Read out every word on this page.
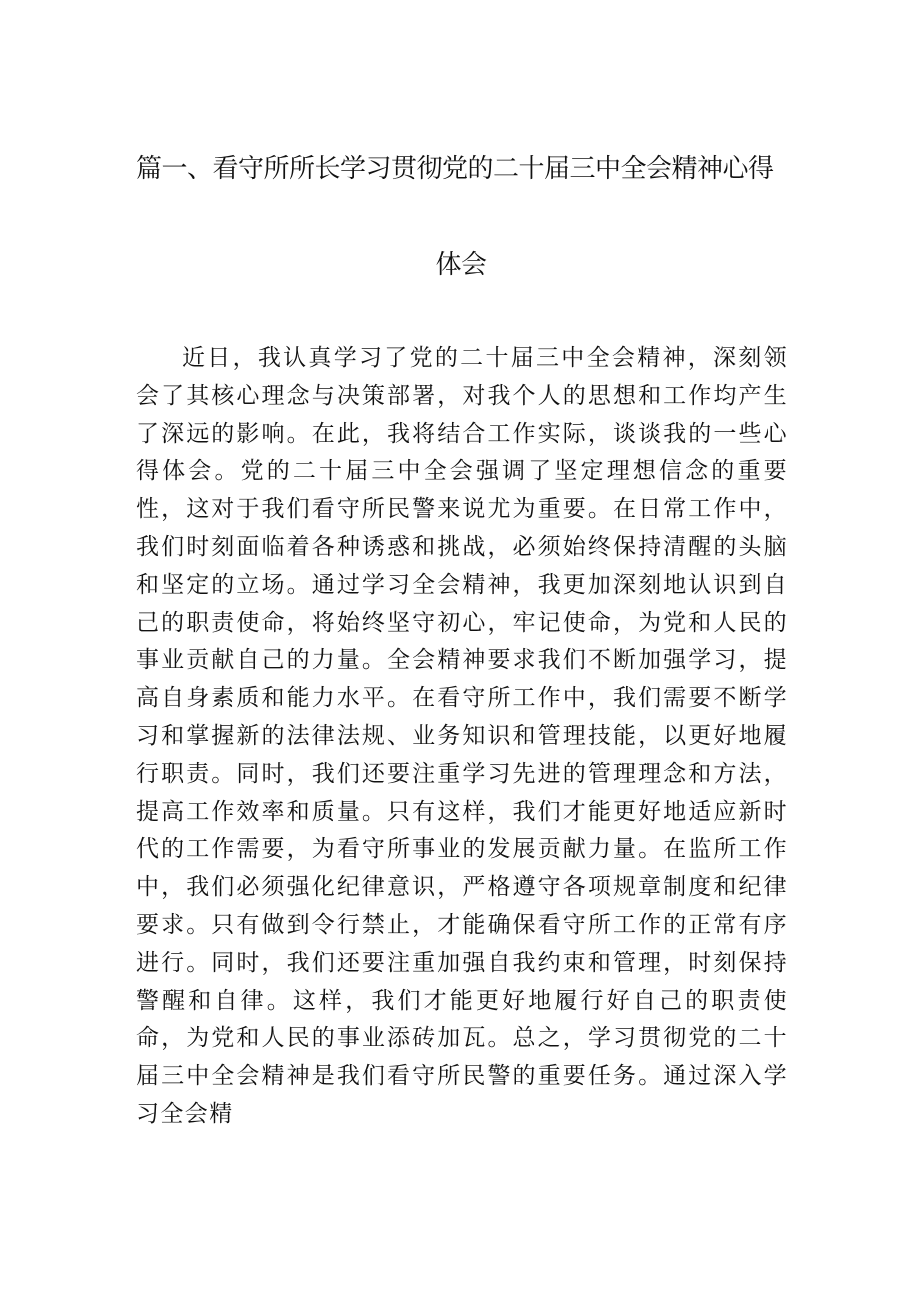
篇一、看守所所长学习贯彻党的二十届三中全会精神心得
体会

近日，我认真学习了党的二十届三中全会精神，深刻领会了其核心理念与决策部署，对我个人的思想和工作均产生了深远的影响。在此，我将结合工作实际，谈谈我的一些心得体会。党的二十届三中全会强调了坚定理想信念的重要性，这对于我们看守所民警来说尤为重要。在日常工作中，我们时刻面临着各种诱惑和挑战，必须始终保持清醒的头脑和坚定的立场。通过学习全会精神，我更加深刻地认识到自己的职责使命，将始终坚守初心，牢记使命，为党和人民的事业贡献自己的力量。全会精神要求我们不断加强学习，提高自身素质和能力水平。在看守所工作中，我们需要不断学习和掌握新的法律法规、业务知识和管理技能，以更好地履行职责。同时，我们还要注重学习先进的管理理念和方法，提高工作效率和质量。只有这样，我们才能更好地适应新时代的工作需要，为看守所事业的发展贡献力量。在监所工作中，我们必须强化纪律意识，严格遵守各项规章制度和纪律要求。只有做到令行禁止，才能确保看守所工作的正常有序进行。同时，我们还要注重加强自我约束和管理，时刻保持警醒和自律。这样，我们才能更好地履行好自己的职责使命，为党和人民的事业添砖加瓦。总之，学习贯彻党的二十届三中全会精神是我们看守所民警的重要任务。通过深入学习全会精
